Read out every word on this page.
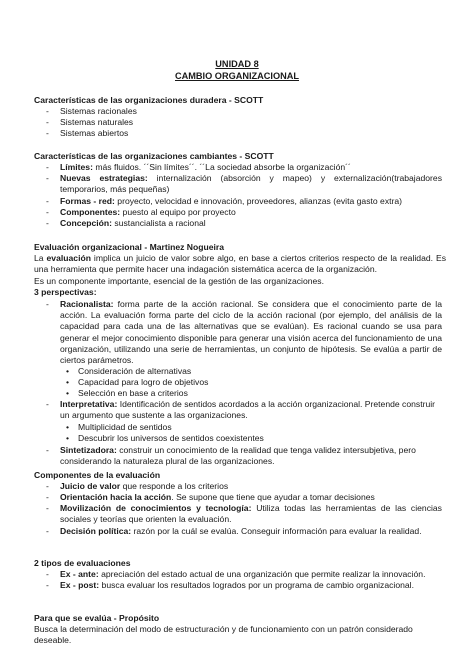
UNIDAD 8
CAMBIO ORGANIZACIONAL
Características de las organizaciones duradera - SCOTT
- Sistemas racionales
- Sistemas naturales
- Sistemas abiertos
Características de las organizaciones cambiantes - SCOTT
- Límites: más fluidos. ´´Sin límites´´. ´´La sociedad absorbe la organización´´
- Nuevas estrategias: internalización (absorción y mapeo) y externalización(trabajadores temporarios, más pequeñas)
- Formas - red: proyecto, velocidad e innovación, proveedores, alianzas (evita gasto extra)
- Componentes: puesto al equipo por proyecto
- Concepción: sustancialista a racional
Evaluación organizacional - Martinez Nogueira
La evaluación implica un juicio de valor sobre algo, en base a ciertos criterios respecto de la realidad. Es una herramienta que permite hacer una indagación sistemática acerca de la organización.
Es un componente importante, esencial de la gestión de las organizaciones.
3 perspectivas:
- Racionalista: forma parte de la acción racional. Se considera que el conocimiento parte de la acción. La evaluación forma parte del ciclo de la acción racional (por ejemplo, del análisis de la capacidad para cada una de las alternativas que se evalúan). Es racional cuando se usa para generar el mejor conocimiento disponible para generar una visión acerca del funcionamiento de una organización, utilizando una serie de herramientas, un conjunto de hipótesis. Se evalúa a partir de ciertos parámetros.
• Consideración de alternativas
• Capacidad para logro de objetivos
• Selección en base a criterios
- Interpretativa: Identificación de sentidos acordados a la acción organizacional. Pretende construir un argumento que sustente a las organizaciones.
• Multiplicidad de sentidos
• Descubrir los universos de sentidos coexistentes
- Sintetizadora: construir un conocimiento de la realidad que tenga validez intersubjetiva, pero considerando la naturaleza plural de las organizaciones.
Componentes de la evaluación
- Juicio de valor que responde a los criterios
- Orientación hacia la acción. Se supone que tiene que ayudar a tomar decisiones
- Movilización de conocimientos y tecnología: Utiliza todas las herramientas de las ciencias sociales y teorías que orienten la evaluación.
- Decisión política: razón por la cuál se evalúa. Conseguir información para evaluar la realidad.
2 tipos de evaluaciones
- Ex - ante: apreciación del estado actual de una organización que permite realizar la innovación.
- Ex - post: busca evaluar los resultados logrados por un programa de cambio organizacional.
Para que se evalúa - Propósito
Busca la determinación del modo de estructuración y de funcionamiento con un patrón considerado deseable.
